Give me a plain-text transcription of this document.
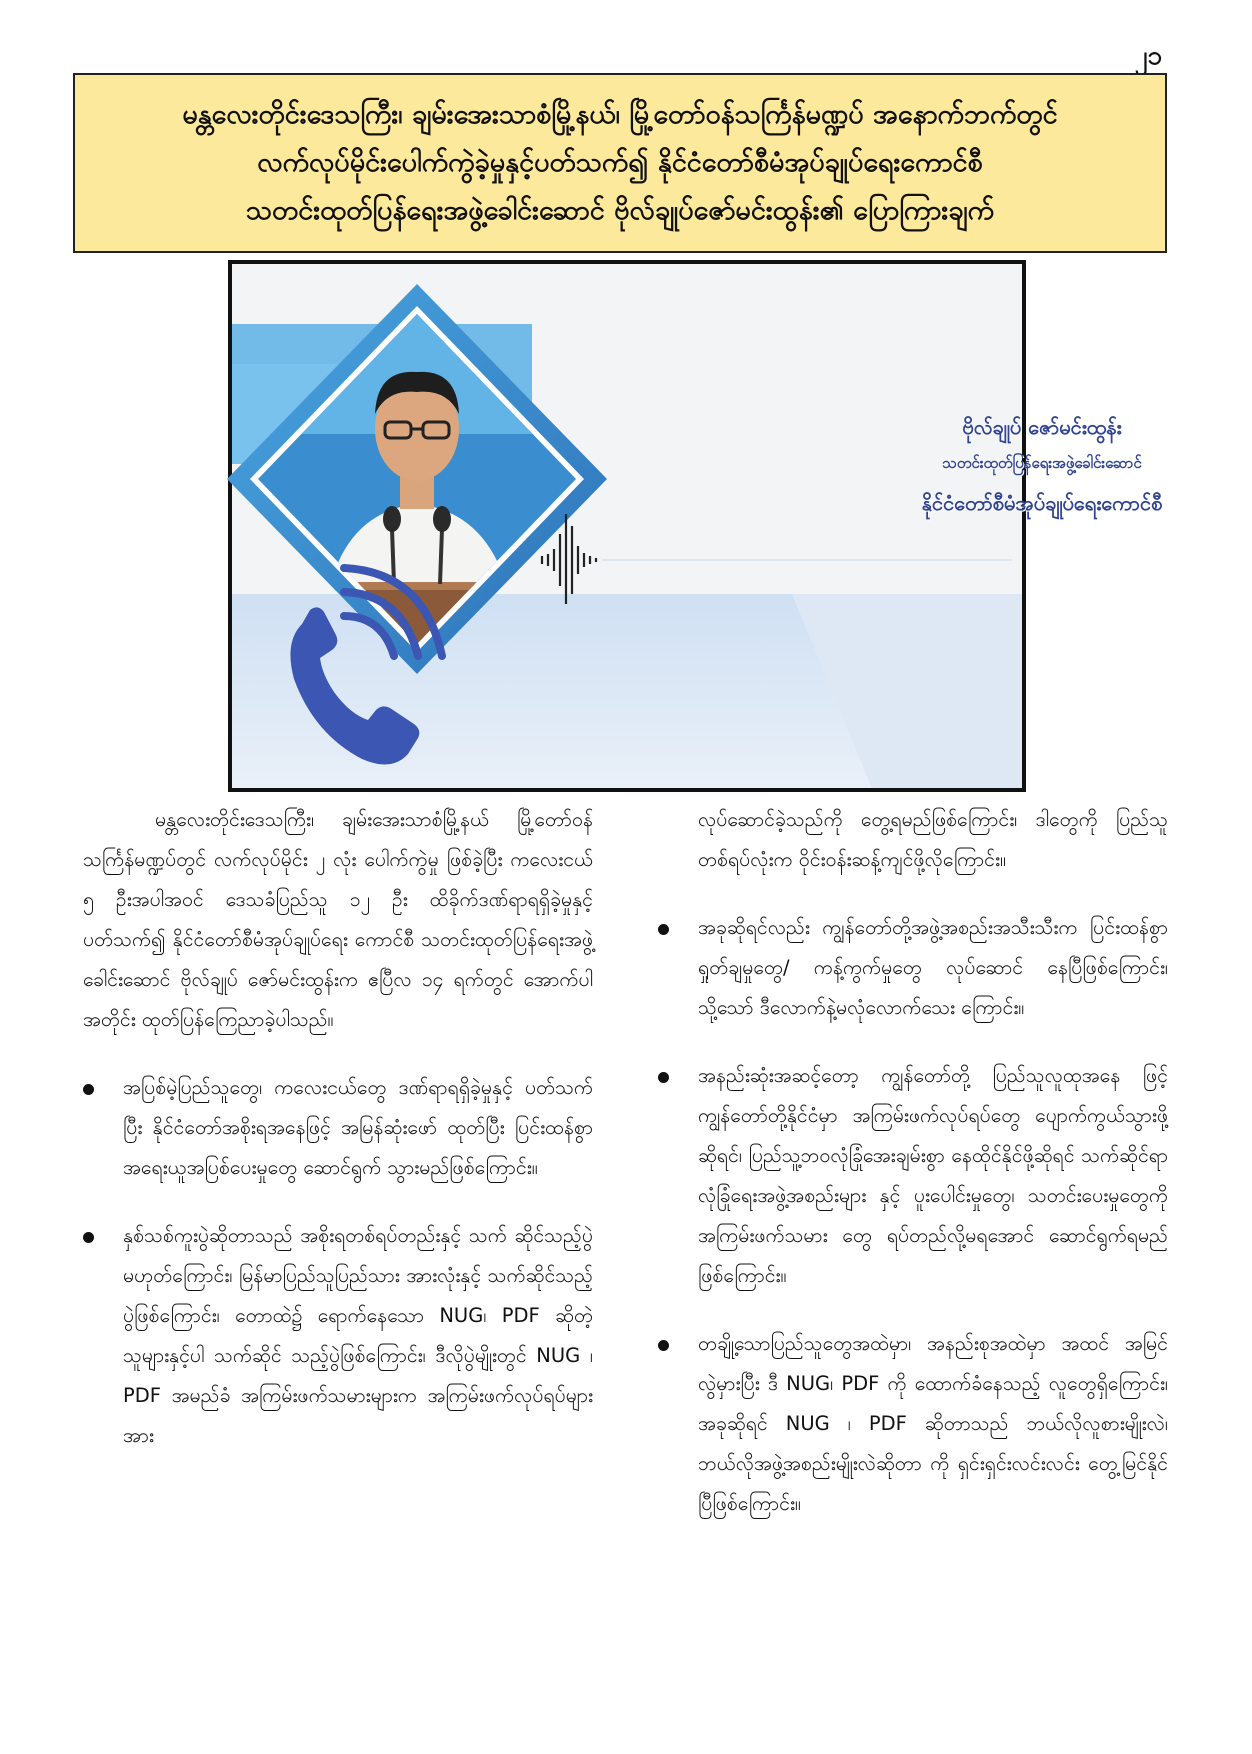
၂၁
မန္တလေးတိုင်းဒေသကြီး၊ ချမ်းအေးသာစံမြို့နယ်၊ မြို့တော်ဝန်သင်္ကြန်မဏ္ဍပ် အနောက်ဘက်တွင်
လက်လုပ်မိုင်းပေါက်ကွဲခဲ့မှုနှင့်ပတ်သက်၍ နိုင်ငံတော်စီမံအုပ်ချုပ်ရေးကောင်စီ
သတင်းထုတ်ပြန်ရေးအဖွဲ့ခေါင်းဆောင် ဗိုလ်ချုပ်ဇော်မင်းထွန်း၏ ပြောကြားချက်
ဗိုလ်ချုပ် ဇော်မင်းထွန်း
သတင်းထုတ်ပြန်ရေးအဖွဲ့ခေါင်းဆောင်
နိုင်ငံတော်စီမံအုပ်ချုပ်ရေးကောင်စီ

မန္တလေးတိုင်းဒေသကြီး၊ ချမ်းအေးသာစံမြို့နယ် မြို့တော်ဝန်သင်္ကြန်မဏ္ဍပ်တွင် လက်လုပ်မိုင်း ၂ လုံး ပေါက်ကွဲမှု ဖြစ်ခဲ့ပြီး ကလေးငယ် ၅ ဦးအပါအဝင် ဒေသခံပြည်သူ ၁၂ ဦး ထိခိုက်ဒဏ်ရာရရှိခဲ့မှုနှင့်ပတ်သက်၍ နိုင်ငံတော်စီမံအုပ်ချုပ်ရေး ကောင်စီ သတင်းထုတ်ပြန်ရေးအဖွဲ့ခေါင်းဆောင် ဗိုလ်ချုပ် ဇော်မင်းထွန်းက ဧပြီလ ၁၄ ရက်တွင် အောက်ပါအတိုင်း ထုတ်ပြန်ကြေညာခဲ့ပါသည်။

အပြစ်မဲ့ပြည်သူတွေ၊ ကလေးငယ်တွေ ဒဏ်ရာရရှိခဲ့မှုနှင့် ပတ်သက်ပြီး နိုင်ငံတော်အစိုးရအနေဖြင့် အမြန်ဆုံးဖော် ထုတ်ပြီး ပြင်းထန်စွာ အရေးယူအပြစ်ပေးမှုတွေ ဆောင်ရွက် သွားမည်ဖြစ်ကြောင်း။
နှစ်သစ်ကူးပွဲဆိုတာသည် အစိုးရတစ်ရပ်တည်းနှင့် သက် ဆိုင်သည့်ပွဲမဟုတ်ကြောင်း၊ မြန်မာပြည်သူပြည်သား အားလုံးနှင့် သက်ဆိုင်သည့်ပွဲဖြစ်ကြောင်း၊ တောထဲ၌ ရောက်နေသော NUG၊ PDF ဆိုတဲ့သူများနှင့်ပါ သက်ဆိုင် သည့်ပွဲဖြစ်ကြောင်း၊ ဒီလိုပွဲမျိုးတွင် NUG ၊ PDF အမည်ခံ အကြမ်းဖက်သမားများက အကြမ်းဖက်လုပ်ရပ်များအား

လုပ်ဆောင်ခဲ့သည်ကို တွေ့ရမည်ဖြစ်ကြောင်း၊ ဒါတွေကို ပြည်သူတစ်ရပ်လုံးက ဝိုင်းဝန်းဆန့်ကျင်ဖို့လိုကြောင်း။

အခုဆိုရင်လည်း ကျွန်တော်တို့အဖွဲ့အစည်းအသီးသီးက ပြင်းထန်စွာ ရှုတ်ချမှုတွေ/ ကန့်ကွက်မှုတွေ လုပ်ဆောင် နေပြီဖြစ်ကြောင်း၊ သို့သော် ဒီလောက်နဲ့မလုံလောက်သေး ကြောင်း။
အနည်းဆုံးအဆင့်တော့ ကျွန်တော်တို့ ပြည်သူလူထုအနေ ဖြင့် ကျွန်တော်တို့နိုင်ငံမှာ အကြမ်းဖက်လုပ်ရပ်တွေ ပျောက်ကွယ်သွားဖို့ဆိုရင်၊ ပြည်သူ့ဘဝလုံခြုံအေးချမ်းစွာ နေထိုင်နိုင်ဖို့ဆိုရင် သက်ဆိုင်ရာ လုံခြုံရေးအဖွဲ့အစည်းများ နှင့် ပူးပေါင်းမှုတွေ၊ သတင်းပေးမှုတွေကို အကြမ်းဖက်သမား တွေ ရပ်တည်လို့မရအောင် ဆောင်ရွက်ရမည်ဖြစ်ကြောင်း။
တချို့သောပြည်သူတွေအထဲမှာ၊ အနည်းစုအထဲမှာ အထင် အမြင်လွဲမှားပြီး ဒီ NUG၊ PDF ကို ထောက်ခံနေသည့် လူတွေရှိကြောင်း၊ အခုဆိုရင် NUG ၊ PDF ဆိုတာသည် ဘယ်လိုလူစားမျိုးလဲ၊ ဘယ်လိုအဖွဲ့အစည်းမျိုးလဲဆိုတာ ကို ရှင်းရှင်းလင်းလင်း တွေ့မြင်နိုင်ပြီဖြစ်ကြောင်း။
